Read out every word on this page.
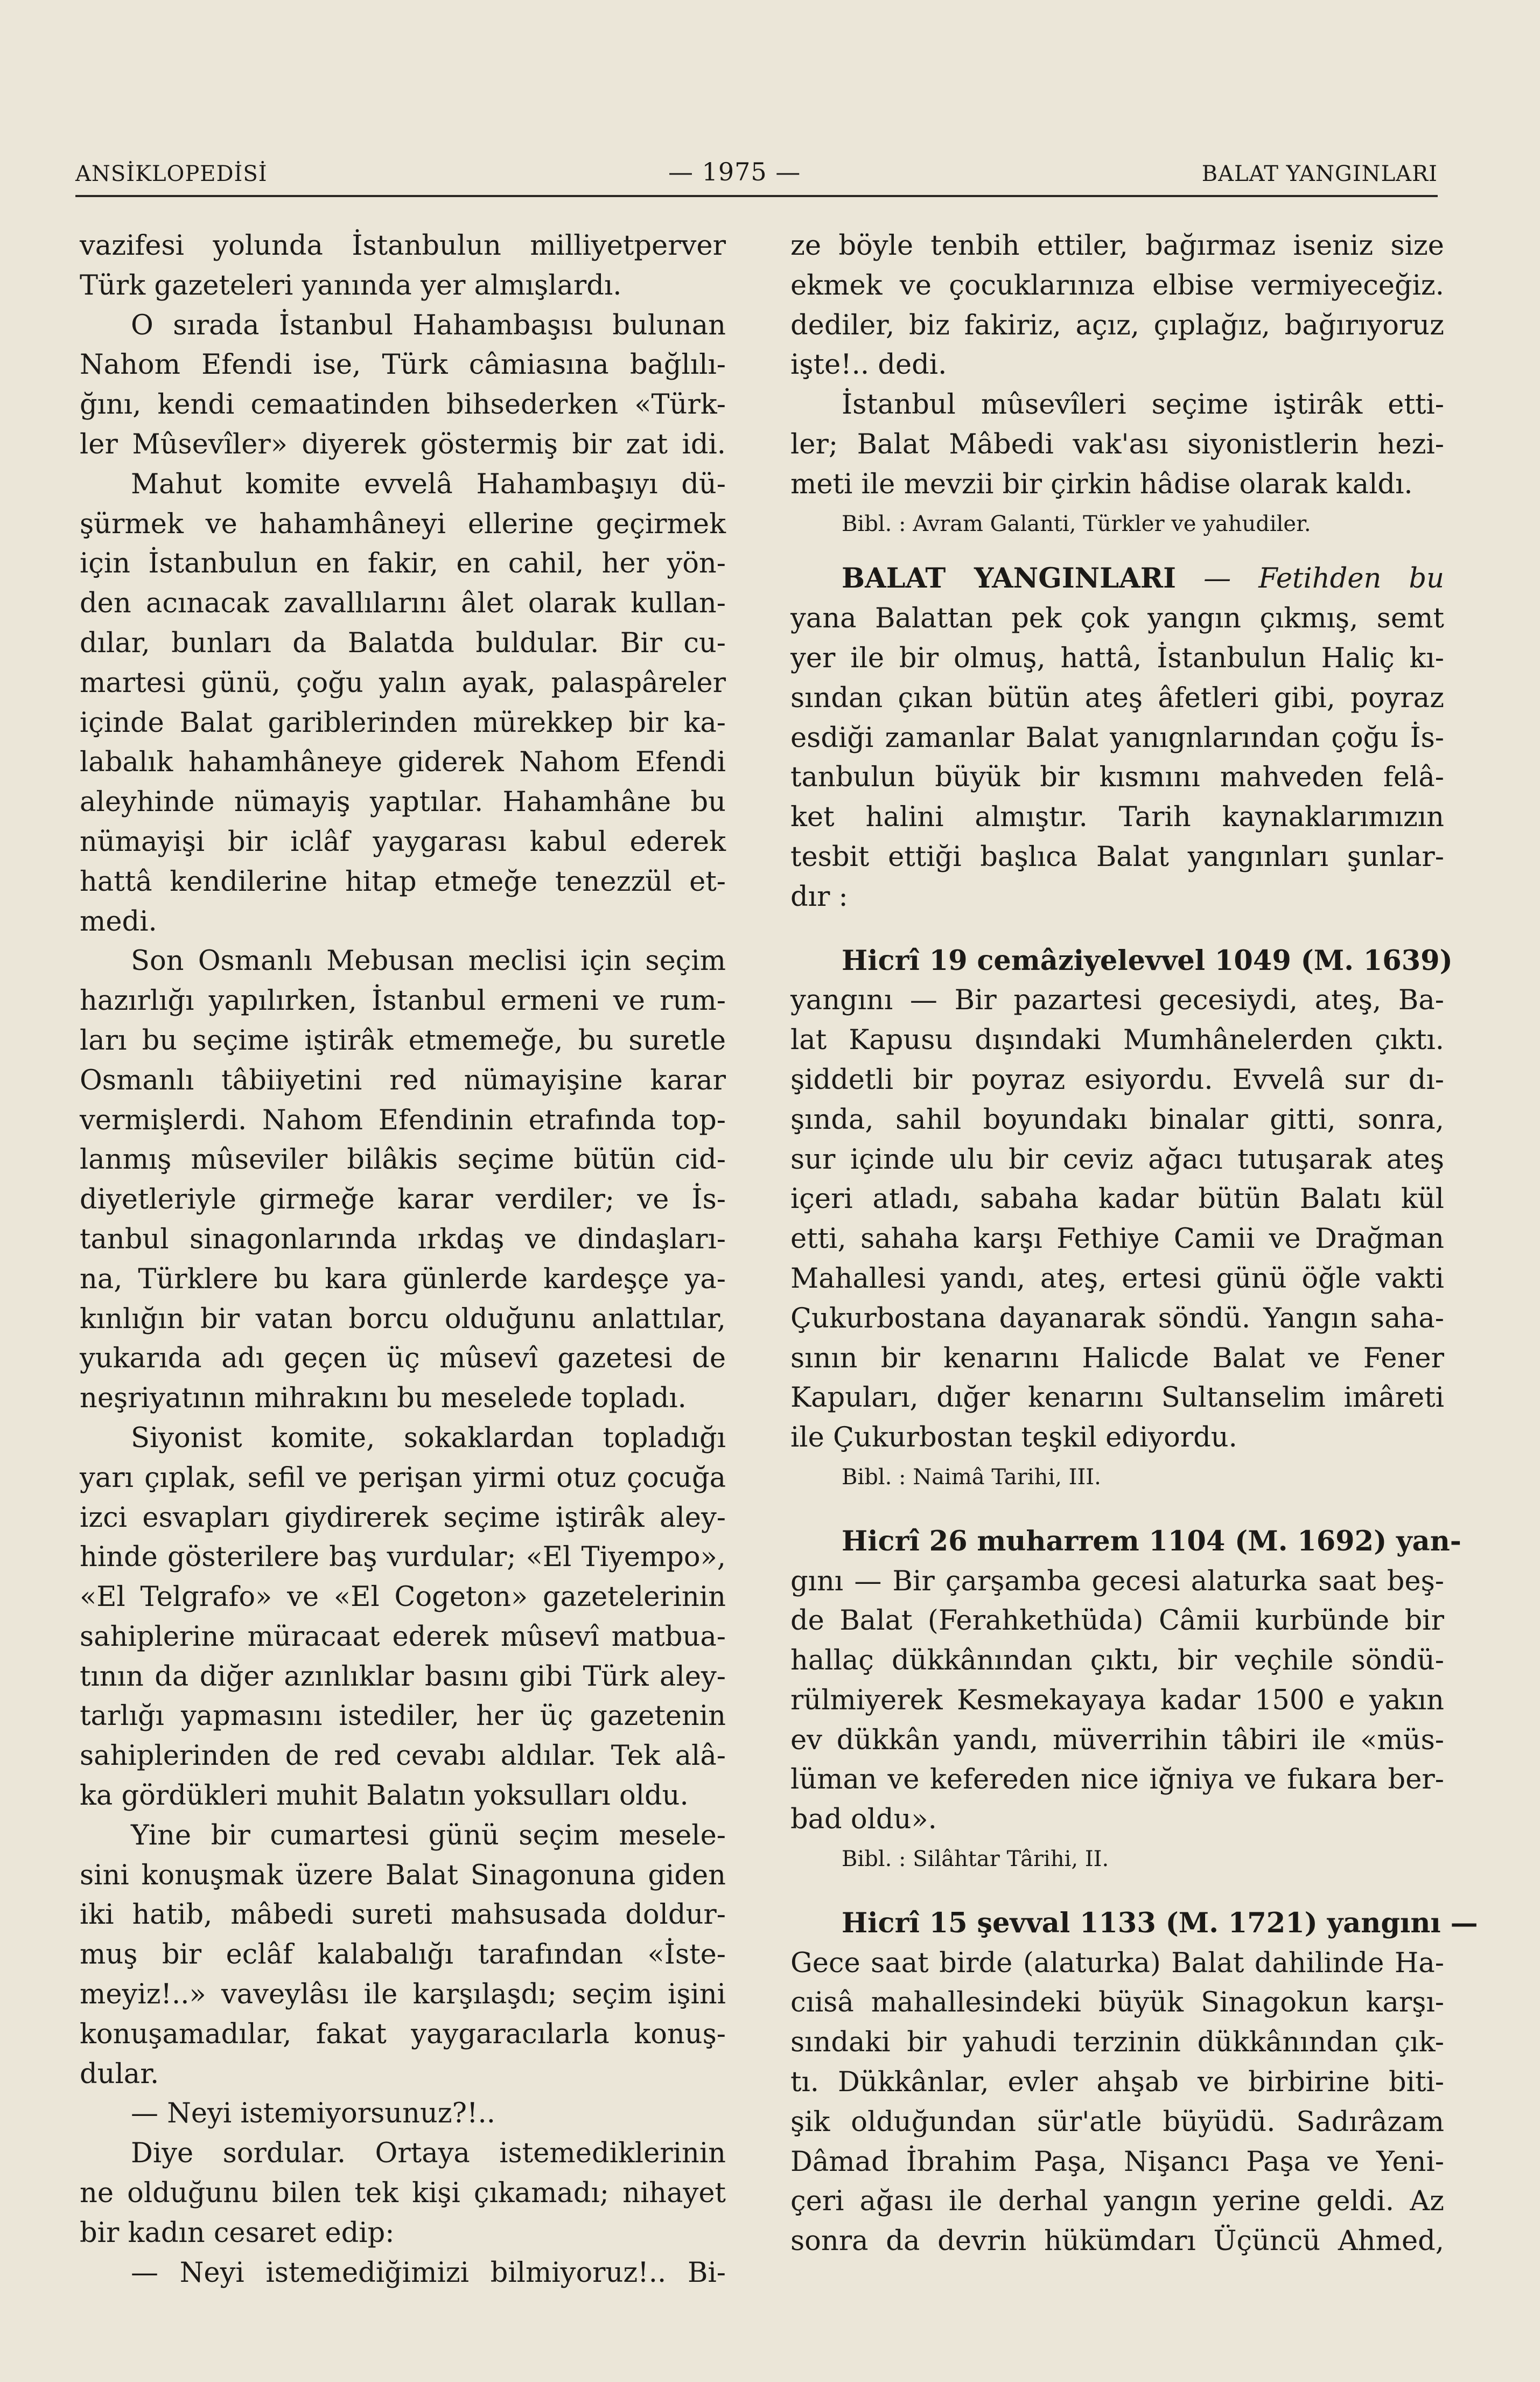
ANSİKLOPEDİSİ	— 1975 —	BALAT YANGINLARI
vazifesi yolunda İstanbulun milliyetperver
Türk gazeteleri yanında yer almışlardı.
O sırada İstanbul Hahambaşısı bulunan
Nahom Efendi ise, Türk câmiasına bağlılı-
ğını, kendi cemaatinden bihsederken «Türk-
ler Mûsevîler» diyerek göstermiş bir zat idi.
Mahut komite evvelâ Hahambaşıyı dü-
şürmek ve hahamhâneyi ellerine geçirmek
için İstanbulun en fakir, en cahil, her yön-
den acınacak zavallılarını âlet olarak kullan-
dılar, bunları da Balatda buldular. Bir cu-
martesi günü, çoğu yalın ayak, palaspâreler
içinde Balat gariblerinden mürekkep bir ka-
labalık hahamhâneye giderek Nahom Efendi
aleyhinde nümayiş yaptılar. Hahamhâne bu
nümayişi bir iclâf yaygarası kabul ederek
hattâ kendilerine hitap etmeğe tenezzül et-
medi.
Son Osmanlı Mebusan meclisi için seçim
hazırlığı yapılırken, İstanbul ermeni ve rum-
ları bu seçime iştirâk etmemeğe, bu suretle
Osmanlı tâbiiyetini red nümayişine karar
vermişlerdi. Nahom Efendinin etrafında top-
lanmış mûseviler bilâkis seçime bütün cid-
diyetleriyle girmeğe karar verdiler; ve İs-
tanbul sinagonlarında ırkdaş ve dindaşları-
na, Türklere bu kara günlerde kardeşçe ya-
kınlığın bir vatan borcu olduğunu anlattılar,
yukarıda adı geçen üç mûsevî gazetesi de
neşriyatının mihrakını bu meselede topladı.
Siyonist komite, sokaklardan topladığı
yarı çıplak, sefil ve perişan yirmi otuz çocuğa
izci esvapları giydirerek seçime iştirâk aley-
hinde gösterilere baş vurdular; «El Tiyempo»,
«El Telgrafo» ve «El Cogeton» gazetelerinin
sahiplerine müracaat ederek mûsevî matbua-
tının da diğer azınlıklar basını gibi Türk aley-
tarlığı yapmasını istediler, her üç gazetenin
sahiplerinden de red cevabı aldılar. Tek alâ-
ka gördükleri muhit Balatın yoksulları oldu.
Yine bir cumartesi günü seçim mesele-
sini konuşmak üzere Balat Sinagonuna giden
iki hatib, mâbedi sureti mahsusada doldur-
muş bir eclâf kalabalığı tarafından «İste-
meyiz!..» vaveylâsı ile karşılaşdı; seçim işini
konuşamadılar, fakat yaygaracılarla konuş-
dular.
— Neyi istemiyorsunuz?!..
Diye sordular. Ortaya istemediklerinin
ne olduğunu bilen tek kişi çıkamadı; nihayet
bir kadın cesaret edip:
— Neyi istemediğimizi bilmiyoruz!.. Bi-
ze böyle tenbih ettiler, bağırmaz iseniz size
ekmek ve çocuklarınıza elbise vermiyeceğiz.
dediler, biz fakiriz, açız, çıplağız, bağırıyoruz
işte!.. dedi.
İstanbul mûsevîleri seçime iştirâk etti-
ler; Balat Mâbedi vak'ası siyonistlerin hezi-
meti ile mevzii bir çirkin hâdise olarak kaldı.
Bibl. : Avram Galanti, Türkler ve yahudiler.
BALAT YANGINLARI — Fetihden bu
yana Balattan pek çok yangın çıkmış, semt
yer ile bir olmuş, hattâ, İstanbulun Haliç kı-
sından çıkan bütün ateş âfetleri gibi, poyraz
esdiği zamanlar Balat yanıgnlarından çoğu İs-
tanbulun büyük bir kısmını mahveden felâ-
ket halini almıştır. Tarih kaynaklarımızın
tesbit ettiği başlıca Balat yangınları şunlar-
dır :
Hicrî 19 cemâziyelevvel 1049 (M. 1639)
yangını — Bir pazartesi gecesiydi, ateş, Ba-
lat Kapusu dışındaki Mumhânelerden çıktı.
şiddetli bir poyraz esiyordu. Evvelâ sur dı-
şında, sahil boyundakı binalar gitti, sonra,
sur içinde ulu bir ceviz ağacı tutuşarak ateş
içeri atladı, sabaha kadar bütün Balatı kül
etti, sahaha karşı Fethiye Camii ve Drağman
Mahallesi yandı, ateş, ertesi günü öğle vakti
Çukurbostana dayanarak söndü. Yangın saha-
sının bir kenarını Halicde Balat ve Fener
Kapuları, dığer kenarını Sultanselim imâreti
ile Çukurbostan teşkil ediyordu.
Bibl. : Naimâ Tarihi, III.
Hicrî 26 muharrem 1104 (M. 1692) yan-
gını — Bir çarşamba gecesi alaturka saat beş-
de Balat (Ferahkethüda) Câmii kurbünde bir
hallaç dükkânından çıktı, bir veçhile söndü-
rülmiyerek Kesmekayaya kadar 1500 e yakın
ev dükkân yandı, müverrihin tâbiri ile «müs-
lüman ve kefereden nice iğniya ve fukara ber-
bad oldu».
Bibl. : Silâhtar Târihi, II.
Hicrî 15 şevval 1133 (M. 1721) yangını —
Gece saat birde (alaturka) Balat dahilinde Ha-
cıisâ mahallesindeki büyük Sinagokun karşı-
sındaki bir yahudi terzinin dükkânından çık-
tı. Dükkânlar, evler ahşab ve birbirine biti-
şik olduğundan sür'atle büyüdü. Sadırâzam
Dâmad İbrahim Paşa, Nişancı Paşa ve Yeni-
çeri ağası ile derhal yangın yerine geldi. Az
sonra da devrin hükümdarı Üçüncü Ahmed,
